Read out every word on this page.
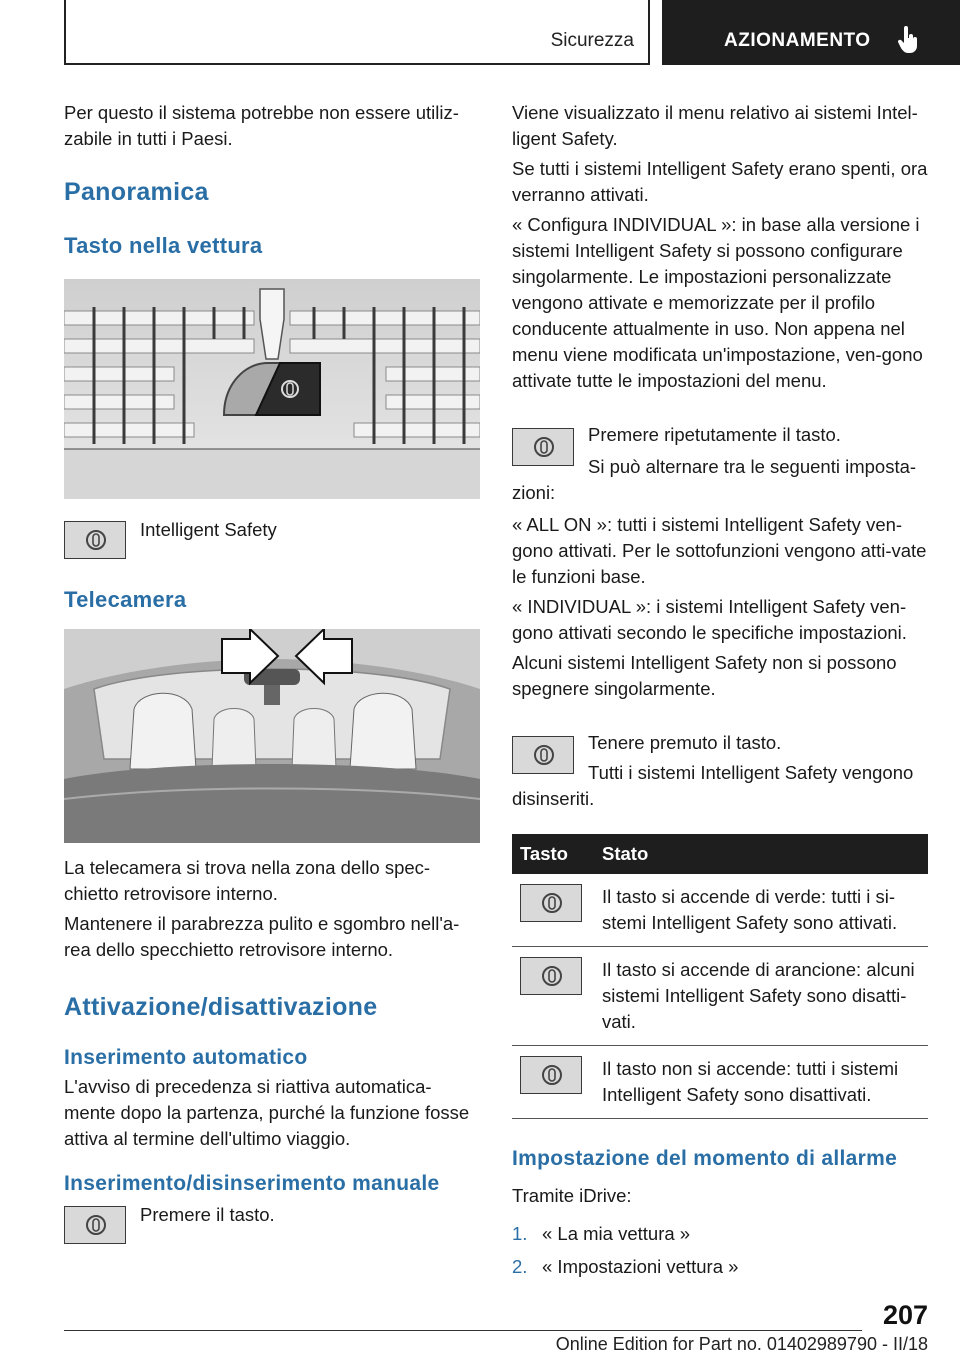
Sicurezza	AZIONAMENTO

Per questo il sistema potrebbe non essere utiliz-zabile in tutti i Paesi.

Panoramica
Tasto nella vettura

Intelligent Safety

Telecamera

La telecamera si trova nella zona dello spec-chietto retrovisore interno.

Mantenere il parabrezza pulito e sgombro nell'a-rea dello specchietto retrovisore interno.

Attivazione/disattivazione
Inserimento automatico

L'avviso di precedenza si riattiva automatica-mente dopo la partenza, purché la funzione fosse attiva al termine dell'ultimo viaggio.

Inserimento/disinserimento manuale

Premere il tasto.

Viene visualizzato il menu relativo ai sistemi Intel-ligent Safety.

Se tutti i sistemi Intelligent Safety erano spenti, ora verranno attivati.

« Configura INDIVIDUAL »: in base alla versione i sistemi Intelligent Safety si possono configurare singolarmente. Le impostazioni personalizzate vengono attivate e memorizzate per il profilo conducente attualmente in uso. Non appena nel menu viene modificata un'impostazione, ven-gono attivate tutte le impostazioni del menu.

Premere ripetutamente il tasto.

Si può alternare tra le seguenti imposta-

zioni:

« ALL ON »: tutti i sistemi Intelligent Safety ven-gono attivati. Per le sottofunzioni vengono atti-vate le funzioni base.

« INDIVIDUAL »: i sistemi Intelligent Safety ven-gono attivati secondo le specifiche impostazioni.

Alcuni sistemi Intelligent Safety non si possono spegnere singolarmente.

Tenere premuto il tasto.

Tutti i sistemi Intelligent Safety vengono

disinseriti.

Tasto	Stato

	Il tasto si accende di verde: tutti i si-stemi Intelligent Safety sono attivati.

	Il tasto si accende di arancione: alcuni sistemi Intelligent Safety sono disatti-vati.

	Il tasto non si accende: tutti i sistemi Intelligent Safety sono disattivati.
Impostazione del momento di allarme

Tramite iDrive:

1. « La mia vettura »
2. « Impostazioni vettura »
207
Online Edition for Part no. 01402989790 - II/18
